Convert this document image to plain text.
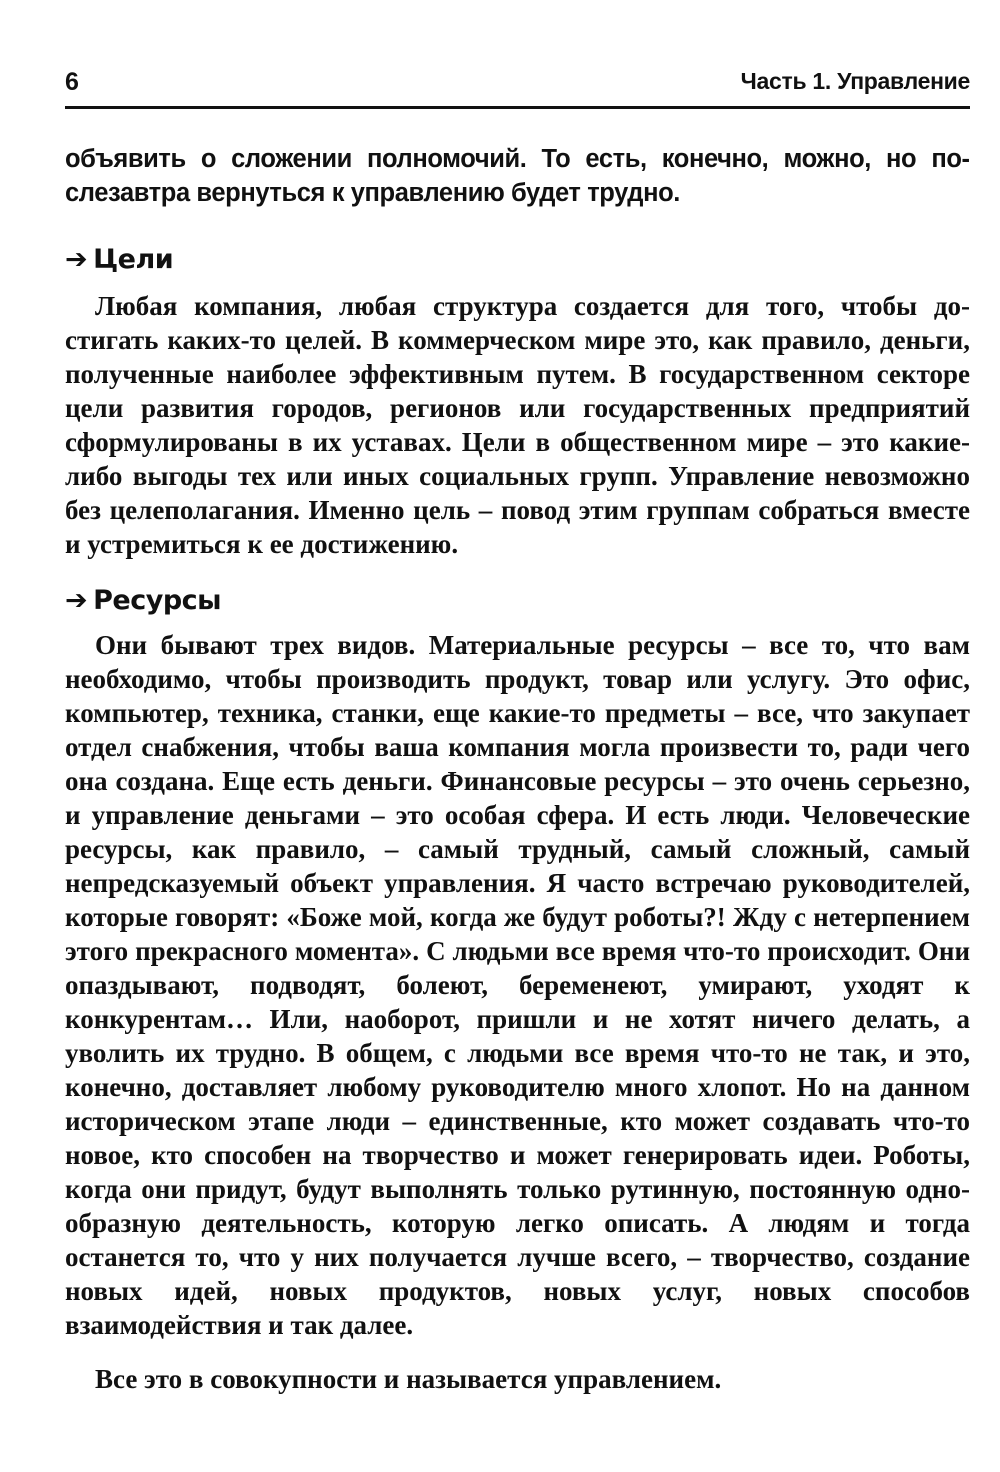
6	Часть 1. Управление

объявить о сложении полномочий. То есть, конечно, можно, но послезавтра вернуться к управлению будет трудно.

➔ Цели

Любая компания, любая структура создается для того, чтобы достигать каких-то целей. В коммерческом мире это, как правило, деньги, полученные наиболее эффективным путем. В государственном секторе цели развития городов, регионов или государственных предприятий сформулированы в их уставах. Цели в общественном мире – это какие-либо выгоды тех или иных социальных групп. Управление невозможно без целеполагания. Именно цель – повод этим группам собраться вместе и устремиться к ее достижению.

➔ Ресурсы

Они бывают трех видов. Материальные ресурсы – все то, что вам необходимо, чтобы производить продукт, товар или услугу. Это офис, компьютер, техника, станки, еще какие-то предметы – все, что закупает отдел снабжения, чтобы ваша компания могла произвести то, ради чего она создана. Еще есть деньги. Финансовые ресурсы – это очень серьезно, и управление деньгами – это особая сфера. И есть люди. Человеческие ресурсы, как правило, – самый трудный, самый сложный, самый непредсказуемый объект управления. Я часто встречаю руководителей, которые говорят: «Боже мой, когда же будут роботы?! Жду с нетерпением этого прекрасного момента». С людьми все время что-то происходит. Они опаздывают, подводят, болеют, беременеют, умирают, уходят к конкурентам… Или, наоборот, пришли и не хотят ничего делать, а уволить их трудно. В общем, с людьми все время что-то не так, и это, конечно, доставляет любому руководителю много хлопот. Но на данном историческом этапе люди – единственные, кто может создавать что-то новое, кто способен на творчество и может генерировать идеи. Роботы, когда они придут, будут выполнять только рутинную, постоянную однообразную деятельность, которую легко описать. А людям и тогда останется то, что у них получается лучше всего, – творчество, создание новых идей, новых продуктов, новых услуг, новых способов взаимодействия и так далее.

Все это в совокупности и называется управлением.
